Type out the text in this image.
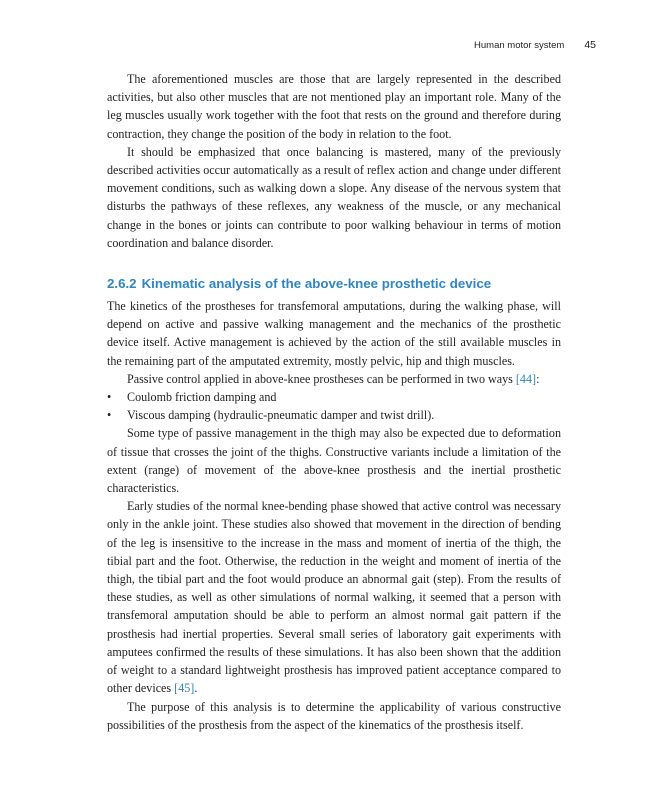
Human motor system 45

The aforementioned muscles are those that are largely represented in the described activities, but also other muscles that are not mentioned play an important role. Many of the leg muscles usually work together with the foot that rests on the ground and therefore during contraction, they change the position of the body in relation to the foot.

It should be emphasized that once balancing is mastered, many of the previously described activities occur automatically as a result of reflex action and change under different movement conditions, such as walking down a slope. Any disease of the nervous system that disturbs the pathways of these reflexes, any weakness of the muscle, or any mechanical change in the bones or joints can contribute to poor walking behaviour in terms of motion coordination and balance disorder.

2.6.2 Kinematic analysis of the above-knee prosthetic device

The kinetics of the prostheses for transfemoral amputations, during the walking phase, will depend on active and passive walking management and the mechanics of the prosthetic device itself. Active management is achieved by the action of the still available muscles in the remaining part of the amputated extremity, mostly pelvic, hip and thigh muscles.

Passive control applied in above-knee prostheses can be performed in two ways [44]:

• Coulomb friction damping and
• Viscous damping (hydraulic-pneumatic damper and twist drill).

Some type of passive management in the thigh may also be expected due to deformation of tissue that crosses the joint of the thighs. Constructive variants include a limitation of the extent (range) of movement of the above-knee prosthesis and the inertial prosthetic characteristics.

Early studies of the normal knee-bending phase showed that active control was necessary only in the ankle joint. These studies also showed that movement in the direction of bending of the leg is insensitive to the increase in the mass and moment of inertia of the thigh, the tibial part and the foot. Otherwise, the reduction in the weight and moment of inertia of the thigh, the tibial part and the foot would produce an abnormal gait (step). From the results of these studies, as well as other simulations of normal walking, it seemed that a person with transfemoral amputation should be able to perform an almost normal gait pattern if the prosthesis had inertial properties. Several small series of laboratory gait experiments with amputees confirmed the results of these simulations. It has also been shown that the addition of weight to a standard lightweight prosthesis has improved patient acceptance compared to other devices [45].

The purpose of this analysis is to determine the applicability of various constructive possibilities of the prosthesis from the aspect of the kinematics of the prosthesis itself.
